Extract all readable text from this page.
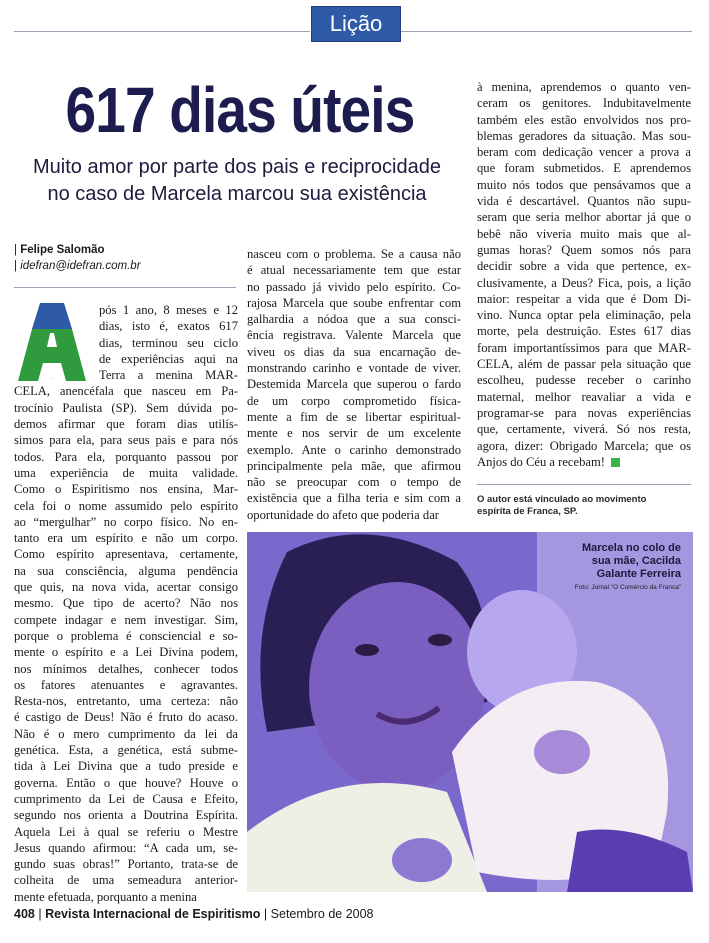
Lição
617 dias úteis
Muito amor por parte dos pais e reciprocidade
no caso de Marcela marcou sua existência
| Felipe Salomão
| idefran@idefran.com.br
A
pós 1 ano, 8 meses e 12
dias, isto é, exatos 617
dias, terminou seu ciclo
de experiências aqui na
Terra a menina MAR-
CELA, anencéfala que nasceu em Pa-
trocínio Paulista (SP). Sem dúvida po-
demos afirmar que foram dias utilís-
simos para ela, para seus pais e para nós
todos. Para ela, porquanto passou por
uma experiência de muita validade.
Como o Espiritismo nos ensina, Mar-
cela foi o nome assumido pelo espírito
ao “mergulhar” no corpo físico. No en-
tanto era um espírito e não um corpo.
Como espírito apresentava, certamente,
na sua consciência, alguma pendência
que quis, na nova vida, acertar consigo
mesmo. Que tipo de acerto? Não nos
compete indagar e nem investigar. Sim,
porque o problema é consciencial e so-
mente o espírito e a Lei Divina podem,
nos mínimos detalhes, conhecer todos
os fatores atenuantes e agravantes.
Resta-nos, entretanto, uma certeza: não
é castigo de Deus! Não é fruto do acaso.
Não é o mero cumprimento da lei da
genética. Esta, a genética, está subme-
tida à Lei Divina que a tudo preside e
governa. Então o que houve? Houve o
cumprimento da Lei de Causa e Efeito,
segundo nos orienta a Doutrina Espírita.
Aquela Lei à qual se referiu o Mestre
Jesus quando afirmou: “A cada um, se-
gundo suas obras!” Portanto, trata-se de
colheita de uma semeadura anterior-
mente efetuada, porquanto a menina
nasceu com o problema. Se a causa não
é atual necessariamente tem que estar
no passado já vivido pelo espírito. Co-
rajosa Marcela que soube enfrentar com
galhardia a nódoa que a sua consci-
ência registrava. Valente Marcela que
viveu os dias da sua encarnação de-
monstrando carinho e vontade de viver.
Destemida Marcela que superou o fardo
de um corpo comprometido física-
mente a fim de se libertar espiritual-
mente e nos servir de um excelente
exemplo. Ante o carinho demonstrado
principalmente pela mãe, que afirmou
não se preocupar com o tempo de
existência que a filha teria e sim com a
oportunidade do afeto que poderia dar
à menina, aprendemos o quanto ven-
ceram os genitores. Indubitavelmente
também eles estão envolvidos nos pro-
blemas geradores da situação. Mas sou-
beram com dedicação vencer a prova a
que foram submetidos. E aprendemos
muito nós todos que pensávamos que a
vida é descartável. Quantos não supu-
seram que seria melhor abortar já que o
bebê não viveria muito mais que al-
gumas horas? Quem somos nós para
decidir sobre a vida que pertence, ex-
clusivamente, a Deus? Fica, pois, a lição
maior: respeitar a vida que é Dom Di-
vino. Nunca optar pela eliminação, pela
morte, pela destruição. Estes 617 dias
foram importantíssimos para que MAR-
CELA, além de passar pela situação que
escolheu, pudesse receber o carinho
maternal, melhor reavaliar a vida e
programar-se para novas experiências
que, certamente, viverá. Só nos resta,
agora, dizer: Obrigado Marcela; que os
Anjos do Céu a recebam!
O autor está vinculado ao movimento
espírita de Franca, SP.
Marcela no colo de
sua mãe, Cacilda
Galante Ferreira
Foto: Jornal “O Comércio da Franca”
408 | Revista Internacional de Espiritismo | Setembro de 2008
